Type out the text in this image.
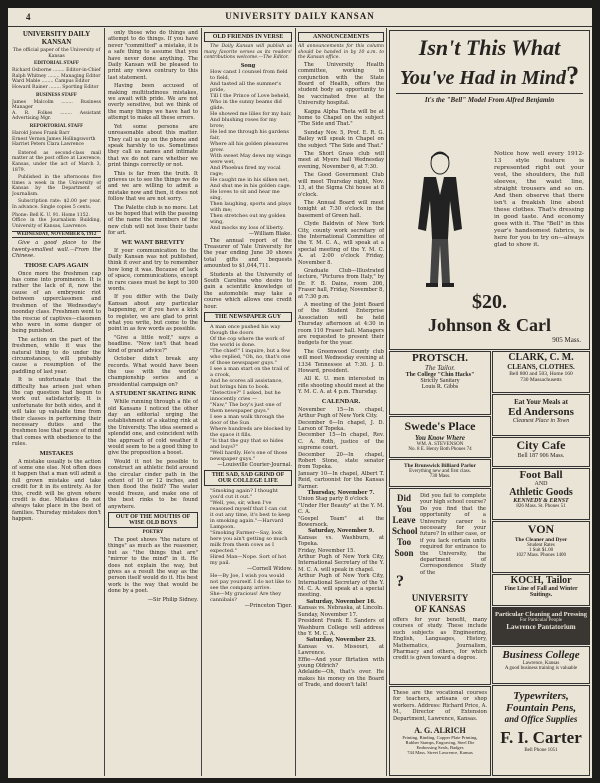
4	UNIVERSITY DAILY KANSAN
UNIVERSITY DAILY KANSAN
The official paper of the University of Kansas
EDITORIAL STAFF
Richard Osborne ........ Editor-in-Chief
Ralph Whitney ........ Managing Editor
Ward Mable ........ Campus Editor
Howard Rainer ........ Sporting Editor
BUSINESS STAFF
James Malcolm ........ Business Manager
A. R. Folkes ........ Assistant Advertising Mgr.
REPORTORIAL STAFF
Harold Jones Frank Barr
Ernest Vernon James Hollingsworth
Harriet Peters Clara Lawrence

Entered as second-class mail matter at the post office at Lawrence, Kansas, under the act of March 3, 1879.

Published in the afternoons five times a week in the University of Kansas by the Department of Journalism.

Subscription rate: $2.00 per year. In advance. Single copies 5 cents.

Phone: Bell K. U. 91. Home 1152.
Office in the Journalism Building, University of Kansas, Lawrence.
WEDNESDAY, NOVEMBER 6, 1912

Give a good place to the twenty-smallest wall.—From the Chinese.

THOSE CAPS AGAIN

Once more the freshmen cap has come into prominence. It is rather the lack of it, now the cause of an embryonic riot between upperclassmen and freshmen of the Wednesday's noonday class. Freshmen went to the rescue of captives—classmen who were in some danger of being punished.

The action on the part of the freshmen, while it was the natural thing to do under the circumstances, will probably cause a resumption of the paddling of last year.

It is unfortunate that the difficulty has arisen just when the cap question had begun to work out satisfactorily. It is unfortunate for both sides, and it will take up valuable time from their classes in performing their necessary duties and the freshmen lose that peace of mind that comes with obedience to the rules.

MISTAKES

A mistake usually is the action of some one else. Not often does it happen that a man will admit a full grown mistake and take credit for it in its entirety. As for this, credit will be given where credit is due. Mistakes do not always take place in the best of families. Thursday mistakes don't happen.

only those who do things and attempt to do things. If you have never "committed" a mistake, it is a safe thing to assume that you have never done anything. The Daily Kansan will be pleased to print any views contrary to this last statement.

Having been accused of making multitudinous mistakes, we await with pride. We are not overly sensitive, but we think of the many things we have had to attempt to make all these errors.

Yet some persons are unreasonable about this matter. They call us up on the phone and speak harshly to us. Sometimes they call us names and intimate that we do not care whether we print things correctly or not.

This is far from the truth. It grieves us to see the things we do and we are willing to admit a mistake now and then, it does not follow that we are not sorry.

The Palette club is no more. Let us be hoped that with the passing of the name the members of the new club will not lose their taste for art.

WE WANT BREVITY

If your communication to the Daily Kansan was not published, think it over and try to remember how long it was. Because of lack of space, communications, except in rare cases must be kept to 300 words.

If you differ with the Daily Kansan about any particular happening, or if you have a kick to register, we are glad to print what you write, but come to the point in as few words as possible.

"Give a little wolf," says a headline. "Now isn't that head kind of grand advice?"

October didn't break any records. What would have been the use with the worlds' championship series and a presidential campaign on?

A STUDENT SKATING RINK

While running through a file of old Kansans I noticed the other day an editorial urging the establishment of a skating rink at the University. The idea seemed a splendid one, and coincident with the approach of cold weather it would seem to be a good thing to give the proposition a boost.

Would it not be possible to construct an athletic field around the circular cinder path in the extent of 10 or 12 inches, and then flood the field? The water would freeze, and make one of the best rinks to be found anywhere.

OUT OF THE MOUTHS OF WISE OLD BOYS
POETRY

The poet shows "the nature of things" as much as the reasoner, but as "the things that are" "mirror to the mind" in it. He does not explain the way, but gives as a result the way as the person itself would do it. His best work is the way that would be done by a poet.

—Sir Philip Sidney.
OLD FRIENDS IN VERSE

The Daily Kansan will publish as many favorite verses as its readers' contributions welcome.—The Editor.

Song
How canst I counsel from field to field,
And tasted all the summer's pride,
Till I the Prince of Love beheld,
Who in the sunny beams did glide.
He showed me lilies for my hair,
And blushing roses for my brow;
He led me through his gardens fair,
Where all his golden pleasures grow.
With sweet May dews my wings were wet,
And Phoebus fired my vocal rage;
He caught me in his silken net,
And shut me in his golden cage.
He loves to sit and hear me sing,
Then laughing, sports and plays with me;
Then stretches out my golden wing,
And mocks my loss of liberty.
—William Blake.

The annual report of the Treasurer of Yale University for the year ending June 30 shows total gifts and bequests amounted to $1,044,711.

Students at the University of South Carolina who desire to gain a scientific knowledge of the automobile may take a course which allows one credit hour.

THE NEWSPAPER GUY
A man once pushed his way though the doors
Of the cop where the work of the world is done.
"The chief!" I inquire, but a few who replied, "Oh, no, that's one of those newspaper guys."
I see a man start on the trail of a crook,
And he scores all assistance, but brings him to book.
"Detective?" I asked, but he innocently cries —
"Naw," The boy's just one of them newspaper guys."
I see a man walk through the door of the Sun
Where hundreds are blocked by the space it fills.
"Is that the guy that so hides and buys?"
"Well hardly. He's one of those newspaper guys."
—Louisville Courier-Journal.
THE SAD, SAD GRIND OF OUR COLLEGE LIFE
"Smoking again? I thought you'd cut it out."
"Well, yes, sir, when I've reasoned myself that I can cut it out any time, it's best to keep in smoking again."—Harvard Lampoon.
"Smoking Farmer—Say, look here you ain't getting so much milk from them cows as I expected."
Hired Man—Nope. Sort of hot my pail.
—Cornell Widow.
He—By Joe, I wish you would not pay yourself. I do not like to see the company arrive.
She—My gracious! Are they cannibals?
—Princeton Tiger.
ANNOUNCEMENTS

All announcements for this column should be handed in by 10 a.m. to the Kansan office.

The University Health committee, working in conjunction with the State Board of Health, offers the student body an opportunity to be vaccinated free at the University hospital.
Kappa Alpha Theta will be at home to Chapel on the subject "The Side and That."
Sunday Nov. 5, Prof. E. R. G. Bailey will speak in Chapel on the subject "The Side and That."
The Short Grass club will meet at Myers hall Wednesday evening, November 6, at 7:30.
The Good Government Club will meet Thursday night, Nov. 13, at the Sigma Chi house at 8 o'clock.
The Annual Board will meet tonight at 7:30 o'clock in the basement of Green hall.
Clyde Baldwin of New York City, county work secretary of the International Committee of the Y. M. C. A., will speak at a special meeting of the Y. M. C. A. at 2:00 o'clock Friday, November 8.
Graduate Club—Illustrated lecture, "Pictures from Italy," by Dr. F. B. Dains, room 206, Fraser hall, Friday, November 8, at 7:30 p.m.
A meeting of the Joint Board of the Student Enterprise Association will be held Thursday afternoon at 4:30 in room 110 Fraser hall. Managers are requested to present their budgets for the year.
The Greenwood County club will meet Wednesday evening at 1334 Tennessee at 7:30. J. D. Howard, president.
All K. U. men interested in rifle shooting should meet at the Y. M. C. A. at 4 p.m. Thursday.
CALENDAR.
November 15—In chapel, Arthur Pugh of New York City.
December 6—In chapel, J. D. Larson of Topeka.
December 15—In chapel, Rev. C. A. Roth, justice of the supreme court.
December 20—In chapel, Robert Stone, state senator from Topeka.
January 10—In chapel, Albert T. Reid, cartoonist for the Kansas Farmer.
Thursday, November 7.
Union Stag party 8 o'clock
"Under Her Beauty" at the Y. M. C. A.
"Gospel Team" at the Bowersock.
Saturday, November 9.
Kansas vs. Washburn, at Topeka.
Friday, November 15.
Arthur Pugh of New York City, International Secretary of the Y. M. C. A. will speak in chapel.
Arthur Pugh of New York City, International Secretary of the Y. M. C. A. will speak at a special meeting.
Saturday, November 16.
Kansas vs. Nebraska, at Lincoln.
Sunday, November 17.
President Frank E. Sanders of Washburn College will address the Y. M. C. A.
Saturday, November 23.
Kansas vs. Missouri, at Lawrence.
Effie—And your flirtation with young Oldrich?
Adelaide—Oh, that's over. He makes his money on the Board of Trade, and doesn't talk!
Isn't This What
You've Had in Mind?
It's the "Bell" Model From Alfred Benjamin
Notice how well every 1912-13 style feature is represented right out your vest, the shoulders, the full sleeves, the waist line, straight trousers and so on. And then observe that there isn't a freakish line about these clothes. That's dressing in good taste. And economy goes with it. The "Bell" in this year's handsomest fabrics, is here for you to try on—always glad to show it.
$20.
Johnson & Carl
905 Mass.
PROTSCH.
The Tailor.
The College "Chin Hacks"
Strictly Sanitary
Louis R. Gibbs
CLARK, C. M.
CLEANS, CLOTHES.
Bell 800 and 503, Home 160
730 Massachusetts
Swede's Place
You Know Where
WM. A. STEVENSON
No. 8 E. Henry Both Phones 74
Eat Your Meals at
Ed Andersons
Cleanest Place in Town
City Cafe
Bell 187 906 Mass.
The Brunswick Billiard Parlor
Everything new and first class.
730 Mass.	Foot Ball
AND
Athletic Goods
KENNEDY & ERNST
826 Mass. St. Phones 51
Did You Leave School Too Soon
?
Did you fail to complete your high school course? Do you find that the opportunity of a University career is necessary for your future? In either case, or if you lack certain units required for entrance to the University, the department of Correspondence Study of the
UNIVERSITY
OF KANSAS
offers for your benefit, many courses of study. These include such subjects as Engineering, English, Languages, History, Mathematics, Journalism, Pharmacy and others, for which credit is given toward a degree.
VON
The Cleaner and Dyer
Student Rates
1 Suit $1.00
1027 Mass. Phones 1400
KOCH, Tailor
Fine Line of Fall and Winter Suitings.
Particular Cleaning and Pressing
For Particular People
Lawrence Pantatorium
Business College
Lawrence, Kansas
A good business training is valuable
These are the vocational courses for teachers, artisans or shop workers. Address: Richard Price, A. M., Director of Extension Department, Lawrence, Kansas.
A. G. ALRICH
Printing, Binding, Copper Plate Printing,
Rubber Stamps, Engraving, Steel Die
Embossing Seals, Badges
744 Mass. Street Lawrence, Kansas
Typewriters,
Fountain Pens,
and Office Supplies
F. I. Carter
Bell Phone 1051
